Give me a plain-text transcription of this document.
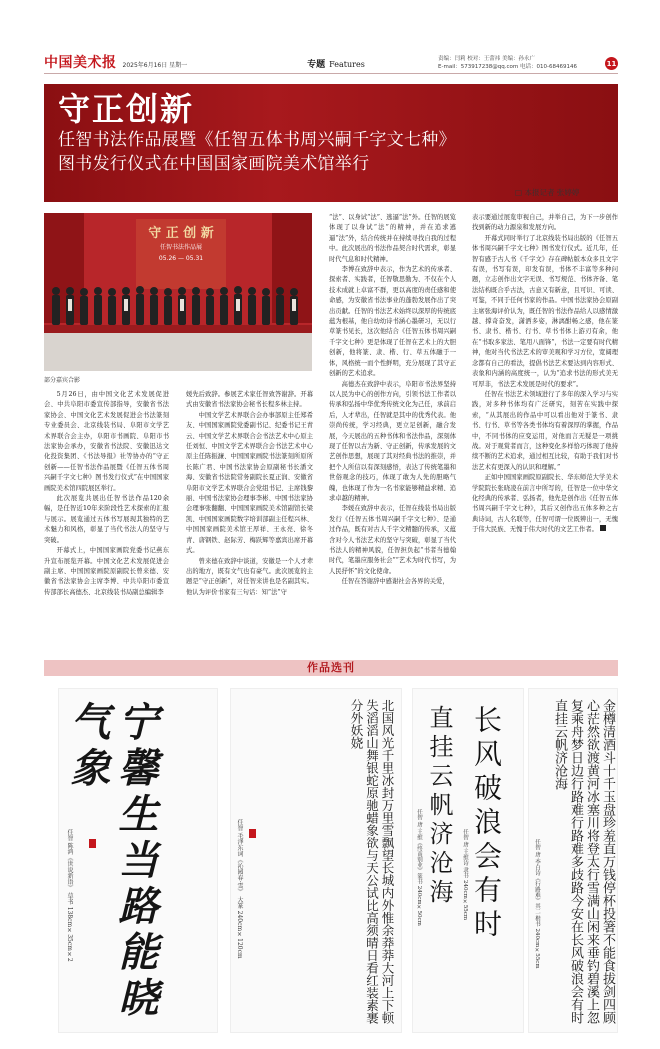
中国美术报 2025年6月16日 星期一	专题 Features
责编：闫莉 校对：王蕾祎 美编：孙永广
E-mail：573917238@qq.com 电话：010-68469146	11
守正创新
任智书法作品展暨《任智五体书周兴嗣千字文七种》
图书发行仪式在中国国家画院美术馆举行
□ 本报记者 张婷婷
守 正 创 新
任智书法作品展
05.26 — 05.31
部分嘉宾合影

5月26日，由中国文化艺术发展促进会、中共阜阳市委宣传部指导，安徽省书法家协会、中国文化艺术发展促进会书法篆刻专业委员会、北京线装书局、阜阳市文学艺术界联合会主办，阜阳市书画院、阜阳市书法家协会承办，安徽省书法院、安徽迅达文化投资集团、《书法导报》社等协办的“守正创新——任智书法作品展暨《任智五体书周兴嗣千字文七种》图书发行仪式”在中国国家画院美术馆四院展区举行。

此次展览共展出任智书法作品120余幅，是任智近10年来阶段性艺术探索的汇报与展示。展览通过五体书写展现其独特的艺术魅力和风格，彰显了当代书法人的坚守与突破。

开幕式上，中国国家画院党委书记燕东升宣布展览开幕。中国文化艺术发展促进会副主席、中国国家画院原副院长曾来德、安徽省书法家协会主席李博、中共阜阳市委宣传部部长高德杰、北京线装书局副总编辑李

媛先后致辞。参展艺术家任智致答谢辞。开幕式由安徽省书法家协会秘书长程多林主持。

中国文学艺术界联合会办事部原主任郑希友、中国国家画院党委副书记、纪委书记王青云、中国文学艺术界联合会书法艺术中心原主任刘恒、中国文学艺术界联合会书法艺术中心原主任陈振濂、中国国家画院书法篆刻所原所长陈广君、中国书法家协会原副秘书长潘文海、安徽省书法院常务副院长夏正润、安徽省阜阳市文学艺术界联合会党组书记、主席钱黎丽、中国书法家协会理事李彬、中国书法家协会理事张翻翻、中国国家画院美术馆副馆长梁凯、中国国家画院数字培训部副主任程兴林、中国国家画院美术馆王厚祥、王永亮、徐冬青、唐钢铁、赵际芳、梅跃辉等嘉宾出席开幕式。

曾来德在致辞中谈道，安徽是一个人才辈出的地方，既有文气也有豪气。此次展览的主题是“守正创新”，对任智来讲也是名副其实。他认为评价书家有三句话：知“法”守

“法”、以身试“法”、逃逼“法”外。任智的展览体现了以身试“法”的精神，并在追求逃逼“法”外，结合传统并在持续寻找自我的过程中。此次展出的书法作品契合时代需求，彰显时代气息和时代精神。

李博在致辞中表示，作为艺术的传承者、探索者、实践者，任智敬思勤为、不仅在个人技术成就上卓富不群，更以高度的责任感和使命感，为安徽省书法事业的蓬勃发展作出了突出贡献。任智的书法艺术始终以深厚的传统底蕴为根基，他自幼幼诗书涵心墨研习，无以行草篆书见长，这次他结合《任智五体书周兴嗣千字文七种》更是体现了任智在艺术上的大胆创新，他将篆、隶、楷、行、草五体融于一体，风格统一而个性鲜明，充分展现了其守正创新的艺术追求。

高德杰在致辞中表示，阜阳市书法界坚持以人民为中心的创作方向，引领书法工作者以传承和弘扬中华优秀传统文化为己任，承前启后，人才辈出，任智就是其中的优秀代表。他崇尚传统，学习经典，更立足创新，融合发展，今天展出的五种书体和书法作品，深刻体现了任智以古为新、守正创新，传承发展的文艺创作思想，展现了其对经典书法的推崇，并把个人所信以有深刻感悟，表达了传统笔墨和世俗观念的技巧，体现了敢为人先的胆略气魄，也体现了作为一名书家能够精益求精、追求卓越的精神。

李媛在致辞中表示，任智在线装书局出版发行《任智五体书周兴嗣千字文七种》、是通过作品，既有对古人千字文精髓的传承，又蕴含对今人书法艺术的坚守与突破，彰显了当代书法人的精神风貌，任智担负起“书者当德翰时代，笔墨应服务社会”“艺术为时代书写，为人民抒怀”的文化使命。

任智在答谢辞中感谢社会各界的关爱，

表示要通过展览审视自己，并举自己，为下一步创作找到新的动力源泉和发展方向。

开幕式同时举行了北京线装书局出版的《任智五体书周兴嗣千字文七种》图书发行仪式。近几年，任智有感于古人书《千字文》存在碑帖版本众多且文字有误，书写有误，印发有误，书体不丰富等多种问题，立志创作出文字无误、书写规范、书体齐备、笔法结构既合乎古法，古意又有新意，且可识、可读、可鉴，不同于任何书家的作品。中国书法家协会原副主席张海评价认为，既任智的书法作品给人以感情激越、撑奇奋发，潇洒多姿，淋漓酣畅之感，他在篆书、隶书、楷书、行书、草书书体上游刃有余，他在“书取多家法、笔用八面锋”，书法一定要有时代精神，他对当代书法艺术的审美观和学习方位，宽阔理念都有自己的看法，提倡书法艺术要达到内容形式、表象和内涵的高度统一，认为“追求书法的形式美无可厚非，书法艺术发展是时代的要求”。

任智在书法艺术领域进行了多年的深入学习与实践，对多种书体均有广泛研究，刻苦在实践中探索，“从其展出的作品中可以看出他对于篆书、隶书、行书、草书等各类书体均有着深厚的掌握，作品中，不同书体的应变运用，对他而言无疑是一项挑战。对于观赏者而言，这种变化多样恰巧体现了他持续不断的艺术追求，通过相互比较，有助于我们对书法艺术有更深入的认识和理解。”

正如中国国家画院原副院长、华东师范大学美术学院院长张晓凌在前言中所写的，任智是一位中华文化经典的传承者、弘扬者，他先是创作出《任智五体书周兴嗣千字文七种》，其后又创作出五体多种之古典诗词，古人名联等，任智可谓一位既辨出一，无愧于伟大民族、无愧于伟大时代的文艺工作者。

作品选刊
宁馨生当路能晓气象
任智 陈鸿《世说新语》 草书 138cm×35cm×2	北国风光千里冰封万里雪飘望长城内外惟余莽莽大河上下顿失滔滔山舞银蛇原驰蜡象欲与天公试比高须晴日看红装素裹分外妖娆
任智 毛泽东词《沁园春·雪》 大篆 240cm×120cm	直挂云帆济沧海 长风破浪会有时
任智 唐·王维《终南别业》篆书 240cm×50cm	任智 唐·王维诗 隶书 240cm×55cm	金樽清酒斗十千玉盘珍羞直万钱停杯投箸不能食拔剑四顾心茫然欲渡黄河冰塞川将登太行雪满山闲来垂钓碧溪上忽复乘舟梦日边行路难行路难多歧路今安在长风破浪会有时直挂云帆济沧海
任智 唐·李白诗《行路难》其二 楷书 240cm×55cm
